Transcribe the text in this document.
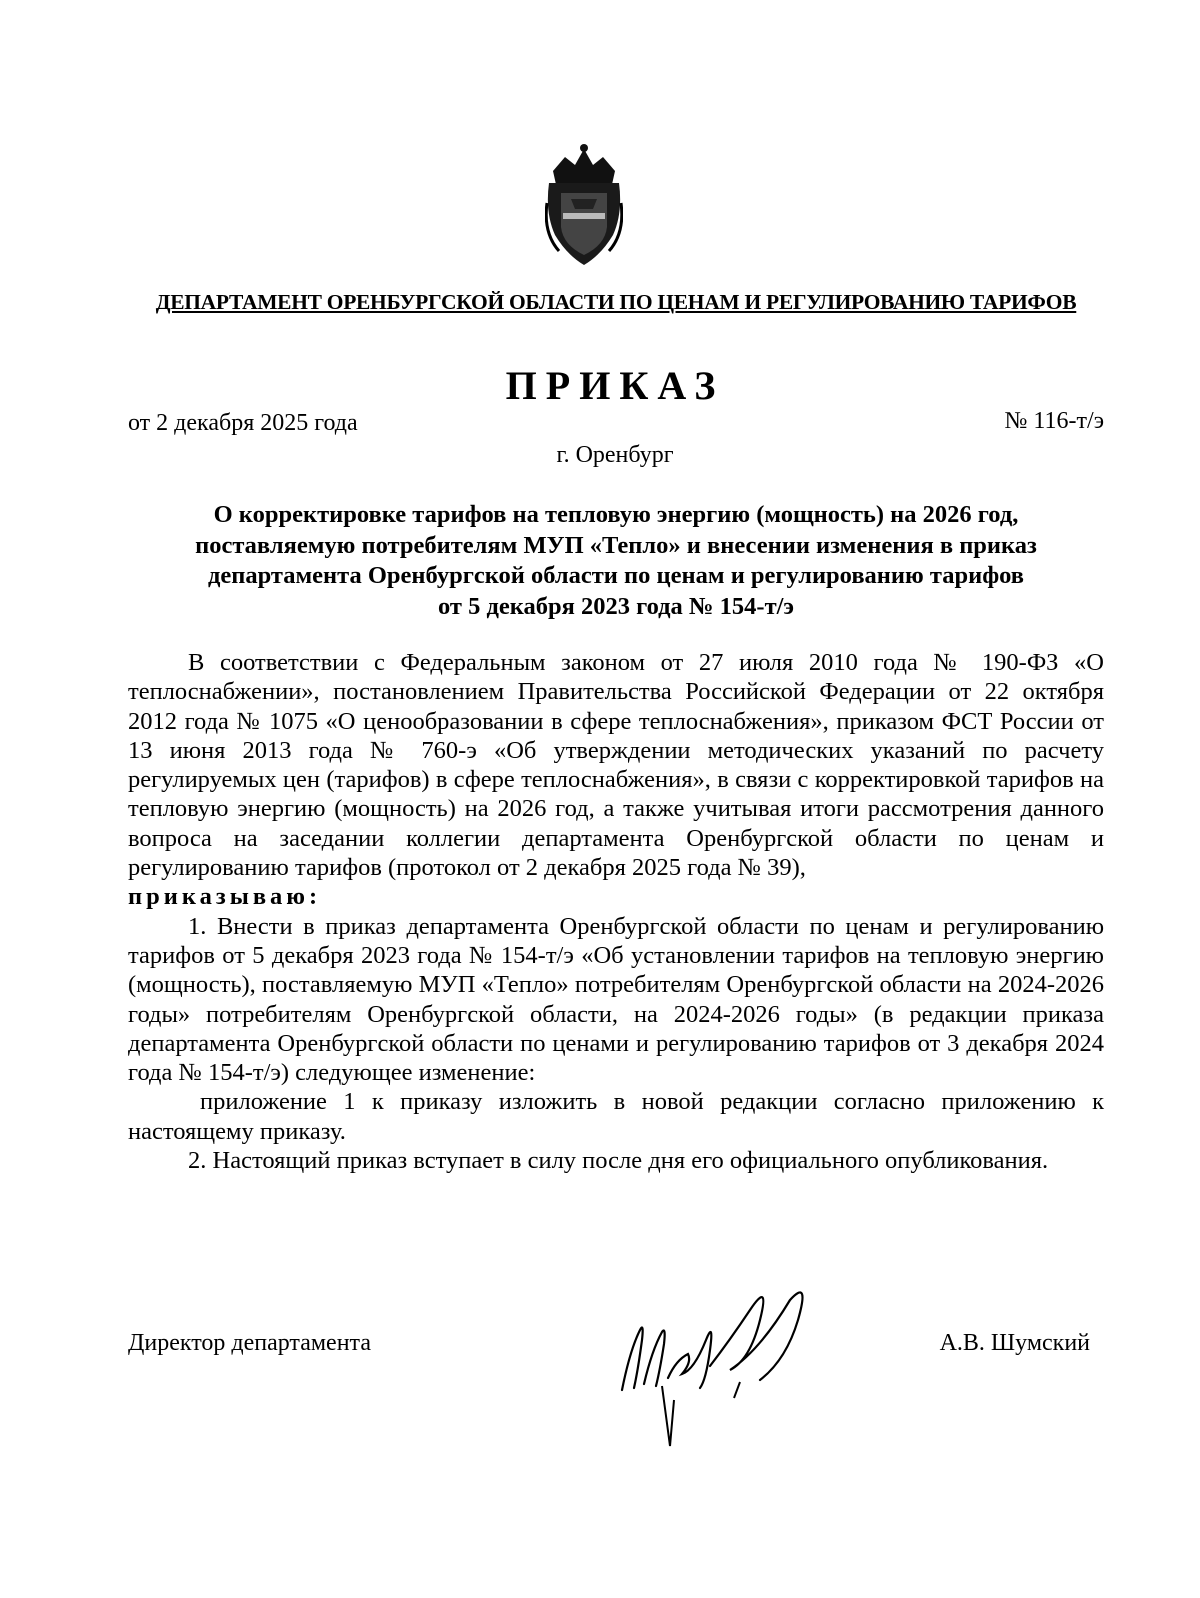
ДЕПАРТАМЕНТ ОРЕНБУРГСКОЙ ОБЛАСТИ ПО ЦЕНАМ И РЕГУЛИРОВАНИЮ ТАРИФОВ
ПРИКАЗ
от 2 декабря 2025 года	№ 116-т/э
г. Оренбург
О корректировке тарифов на тепловую энергию (мощность) на 2026 год,
поставляемую потребителям МУП «Тепло» и внесении изменения в приказ
департамента Оренбургской области по ценам и регулированию тарифов
от 5 декабря 2023 года № 154-т/э

В соответствии с Федеральным законом от 27 июля 2010 года № 190-ФЗ «О теплоснабжении», постановлением Правительства Российской Федерации от 22 октября 2012 года № 1075 «О ценообразовании в сфере теплоснабжения», приказом ФСТ России от 13 июня 2013 года № 760-э «Об утверждении методических указаний по расчету регулируемых цен (тарифов) в сфере теплоснабжения», в связи с корректировкой тарифов на тепловую энергию (мощность) на 2026 год, а также учитывая итоги рассмотрения данного вопроса на заседании коллегии департамента Оренбургской области по ценам и регулированию тарифов (протокол от 2 декабря 2025 года № 39),

приказываю:

1. Внести в приказ департамента Оренбургской области по ценам и регулированию тарифов от 5 декабря 2023 года № 154-т/э «Об установлении тарифов на тепловую энергию (мощность), поставляемую МУП «Тепло» потребителям Оренбургской области на 2024-2026 годы» потребителям Оренбургской области, на 2024-2026 годы» (в редакции приказа департамента Оренбургской области по ценами и регулированию тарифов от 3 декабря 2024 года № 154-т/э) следующее изменение:

приложение 1 к приказу изложить в новой редакции согласно приложению к настоящему приказу.

2. Настоящий приказ вступает в силу после дня его официального опубликования.

Директор департамента	А.В. Шумский
